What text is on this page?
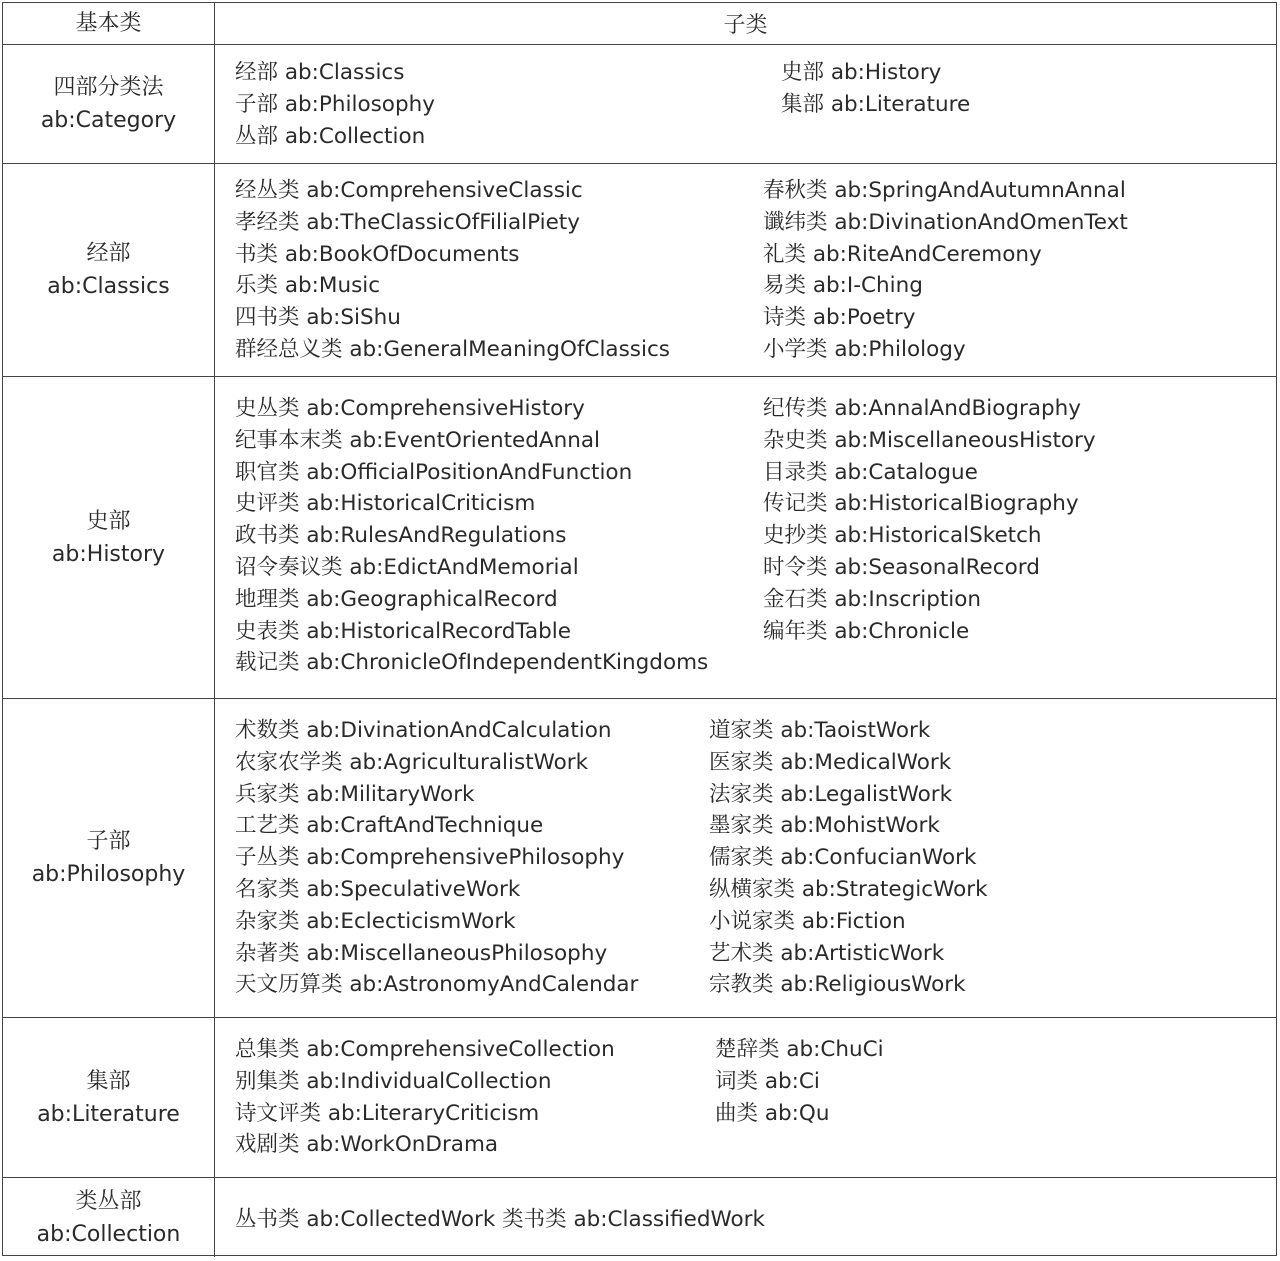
基本类	子类
四部分类法
ab:Category
经部 ab:Classics
子部 ab:Philosophy
丛部 ab:Collection
史部 ab:History
集部 ab:Literature
经部
ab:Classics
经丛类 ab:ComprehensiveClassic
孝经类 ab:TheClassicOfFilialPiety
书类 ab:BookOfDocuments
乐类 ab:Music
四书类 ab:SiShu
群经总义类 ab:GeneralMeaningOfClassics
春秋类 ab:SpringAndAutumnAnnal
谶纬类 ab:DivinationAndOmenText
礼类 ab:RiteAndCeremony
易类 ab:I-Ching
诗类 ab:Poetry
小学类 ab:Philology
史部
ab:History
史丛类 ab:ComprehensiveHistory
纪事本末类 ab:EventOrientedAnnal
职官类 ab:OfficialPositionAndFunction
史评类 ab:HistoricalCriticism
政书类 ab:RulesAndRegulations
诏令奏议类 ab:EdictAndMemorial
地理类 ab:GeographicalRecord
史表类 ab:HistoricalRecordTable
载记类 ab:ChronicleOfIndependentKingdoms
纪传类 ab:AnnalAndBiography
杂史类 ab:MiscellaneousHistory
目录类 ab:Catalogue
传记类 ab:HistoricalBiography
史抄类 ab:HistoricalSketch
时令类 ab:SeasonalRecord
金石类 ab:Inscription
编年类 ab:Chronicle
子部
ab:Philosophy
术数类 ab:DivinationAndCalculation
农家农学类 ab:AgriculturalistWork
兵家类 ab:MilitaryWork
工艺类 ab:CraftAndTechnique
子丛类 ab:ComprehensivePhilosophy
名家类 ab:SpeculativeWork
杂家类 ab:EclecticismWork
杂著类 ab:MiscellaneousPhilosophy
天文历算类 ab:AstronomyAndCalendar
道家类 ab:TaoistWork
医家类 ab:MedicalWork
法家类 ab:LegalistWork
墨家类 ab:MohistWork
儒家类 ab:ConfucianWork
纵横家类 ab:StrategicWork
小说家类 ab:Fiction
艺术类 ab:ArtisticWork
宗教类 ab:ReligiousWork
集部
ab:Literature
总集类 ab:ComprehensiveCollection
别集类 ab:IndividualCollection
诗文评类 ab:LiteraryCriticism
戏剧类 ab:WorkOnDrama
楚辞类 ab:ChuCi
词类 ab:Ci
曲类 ab:Qu
类丛部
ab:Collection
丛书类 ab:CollectedWork 类书类 ab:ClassifiedWork
